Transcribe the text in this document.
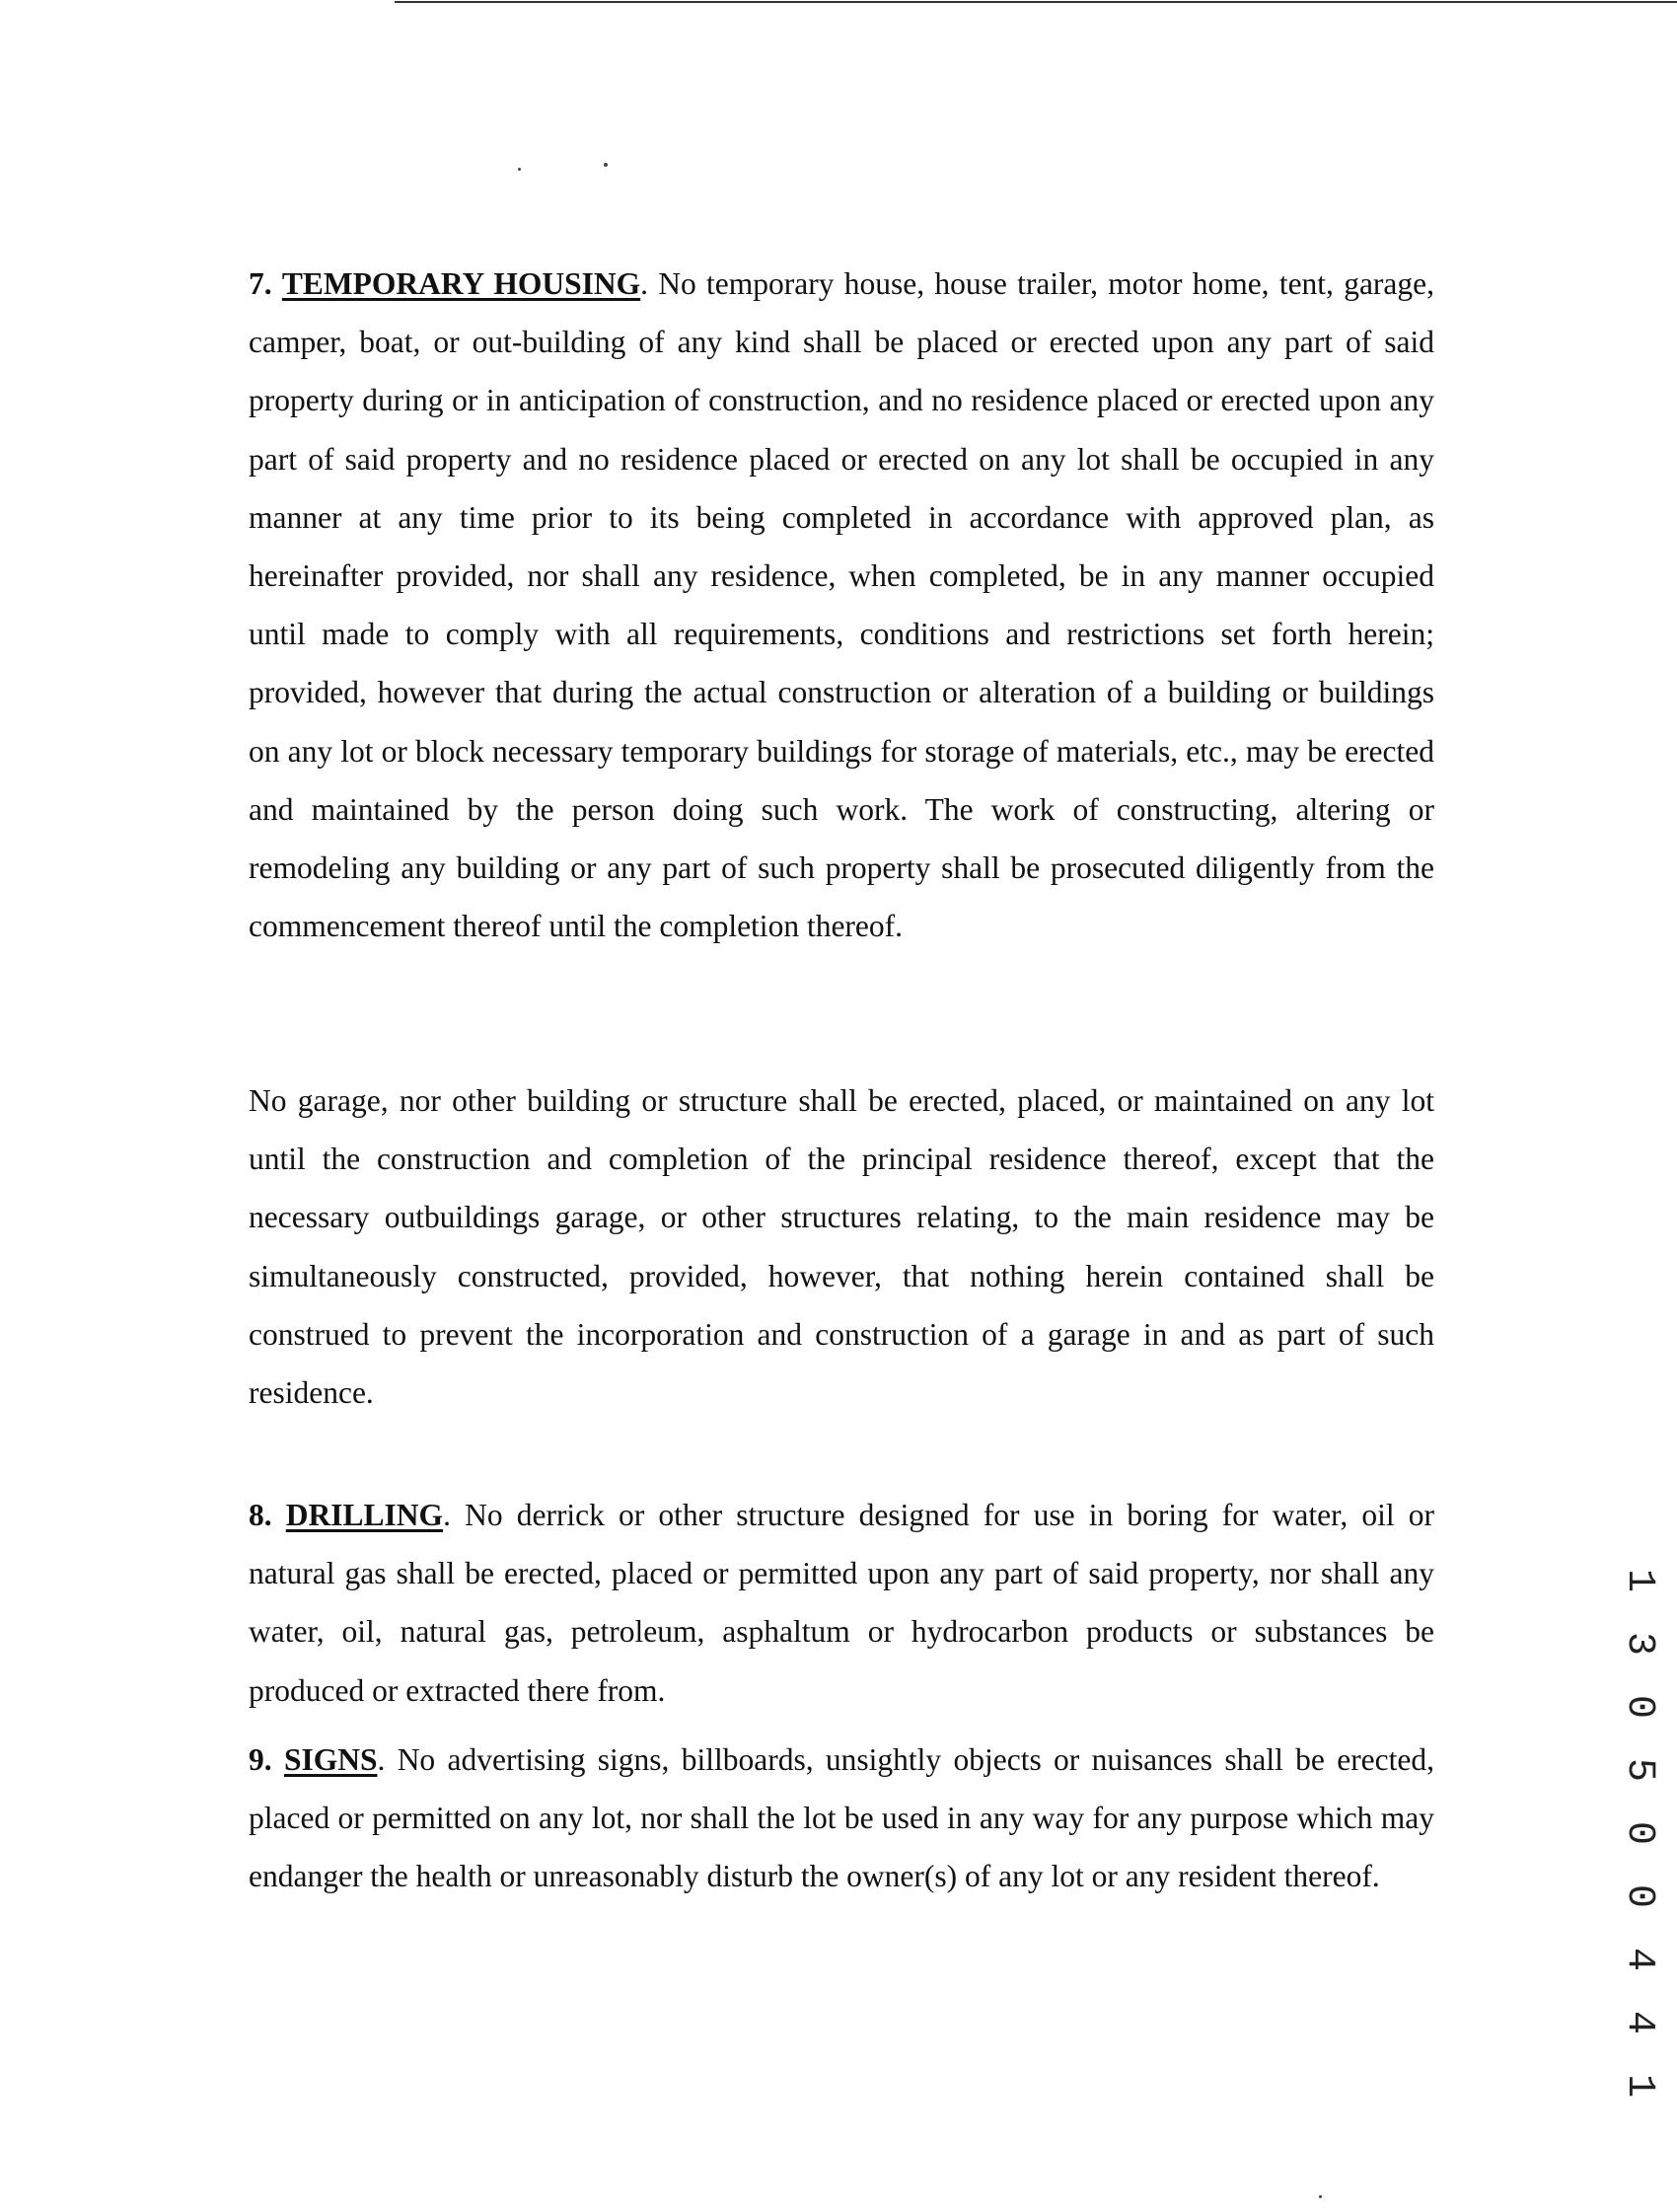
7. TEMPORARY HOUSING. No temporary house, house trailer, motor home, tent, garage, camper, boat, or out-building of any kind shall be placed or erected upon any part of said property during or in anticipation of construction, and no residence placed or erected upon any part of said property and no residence placed or erected on any lot shall be occupied in any manner at any time prior to its being completed in accordance with approved plan, as hereinafter provided, nor shall any residence, when completed, be in any manner occupied until made to comply with all requirements, conditions and restrictions set forth herein; provided, however that during the actual construction or alteration of a building or buildings on any lot or block necessary temporary buildings for storage of materials, etc., may be erected and maintained by the person doing such work. The work of constructing, altering or remodeling any building or any part of such property shall be prosecuted diligently from the commencement thereof until the completion thereof.

No garage, nor other building or structure shall be erected, placed, or maintained on any lot until the construction and completion of the principal residence thereof, except that the necessary outbuildings garage, or other structures relating, to the main residence may be simultaneously constructed, provided, however, that nothing herein contained shall be construed to prevent the incorporation and construction of a garage in and as part of such residence.

8. DRILLING. No derrick or other structure designed for use in boring for water, oil or natural gas shall be erected, placed or permitted upon any part of said property, nor shall any water, oil, natural gas, petroleum, asphaltum or hydrocarbon products or substances be produced or extracted there from.

9. SIGNS. No advertising signs, billboards, unsightly objects or nuisances shall be erected, placed or permitted on any lot, nor shall the lot be used in any way for any purpose which may endanger the health or unreasonably disturb the owner(s) of any lot or any resident thereof.	1 3 0 5 0 0 4 4 1
